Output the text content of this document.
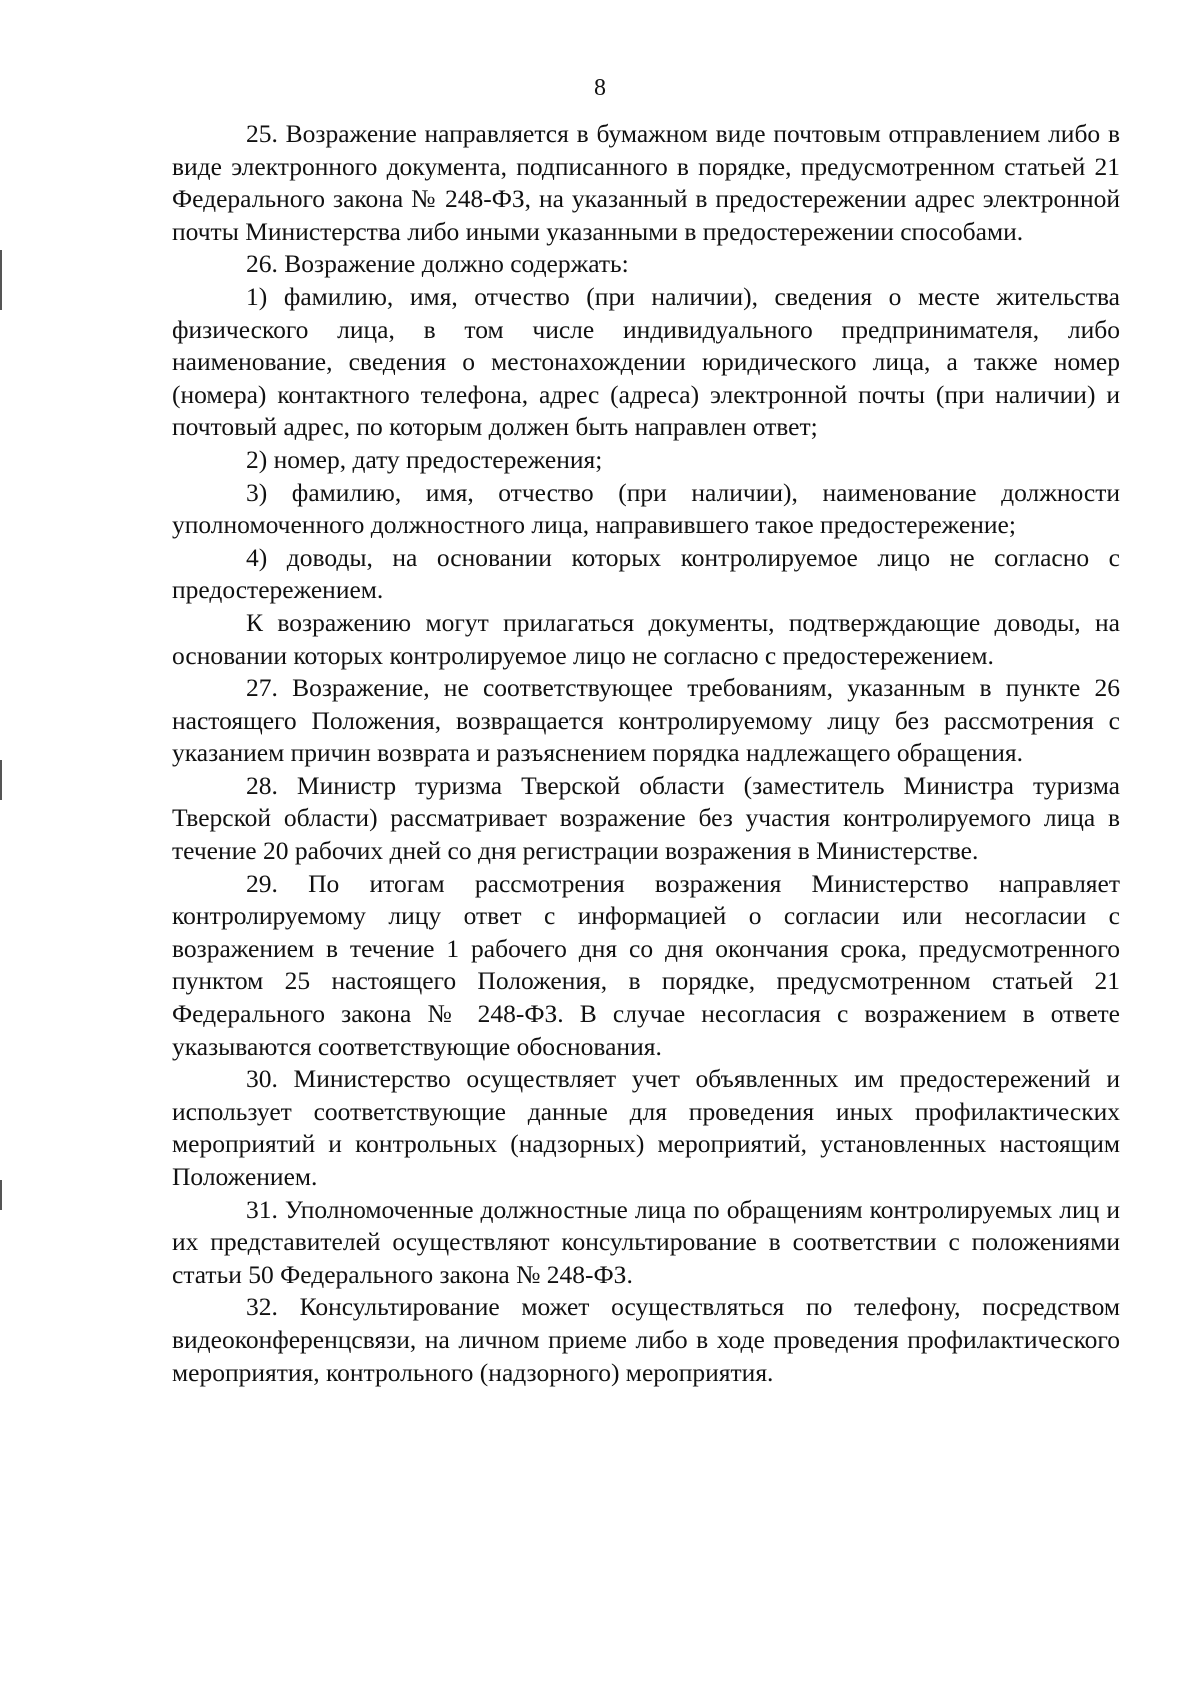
8

25. Возражение направляется в бумажном виде почтовым отправлением либо в виде электронного документа, подписанного в порядке, предусмотренном статьей 21 Федерального закона № 248-ФЗ, на указанный в предостережении адрес электронной почты Министерства либо иными указанными в предостережении способами.

26. Возражение должно содержать:

1) фамилию, имя, отчество (при наличии), сведения о месте жительства физического лица, в том числе индивидуального предпринимателя, либо наименование, сведения о местонахождении юридического лица, а также номер (номера) контактного телефона, адрес (адреса) электронной почты (при наличии) и почтовый адрес, по которым должен быть направлен ответ;

2) номер, дату предостережения;

3) фамилию, имя, отчество (при наличии), наименование должности уполномоченного должностного лица, направившего такое предостережение;

4) доводы, на основании которых контролируемое лицо не согласно с предостережением.

К возражению могут прилагаться документы, подтверждающие доводы, на основании которых контролируемое лицо не согласно с предостережением.

27. Возражение, не соответствующее требованиям, указанным в пункте 26 настоящего Положения, возвращается контролируемому лицу без рассмотрения с указанием причин возврата и разъяснением порядка надлежащего обращения.

28. Министр туризма Тверской области (заместитель Министра туризма Тверской области) рассматривает возражение без участия контролируемого лица в течение 20 рабочих дней со дня регистрации возражения в Министерстве.

29. По итогам рассмотрения возражения Министерство направляет контролируемому лицу ответ с информацией о согласии или несогласии с возражением в течение 1 рабочего дня со дня окончания срока, предусмотренного пунктом 25 настоящего Положения, в порядке, предусмотренном статьей 21 Федерального закона № 248-ФЗ. В случае несогласия с возражением в ответе указываются соответствующие обоснования.

30. Министерство осуществляет учет объявленных им предостережений и использует соответствующие данные для проведения иных профилактических мероприятий и контрольных (надзорных) мероприятий, установленных настоящим Положением.

31. Уполномоченные должностные лица по обращениям контролируемых лиц и их представителей осуществляют консультирование в соответствии с положениями статьи 50 Федерального закона № 248-ФЗ.

32. Консультирование может осуществляться по телефону, посредством видеоконференцсвязи, на личном приеме либо в ходе проведения профилактического мероприятия, контрольного (надзорного) мероприятия.
